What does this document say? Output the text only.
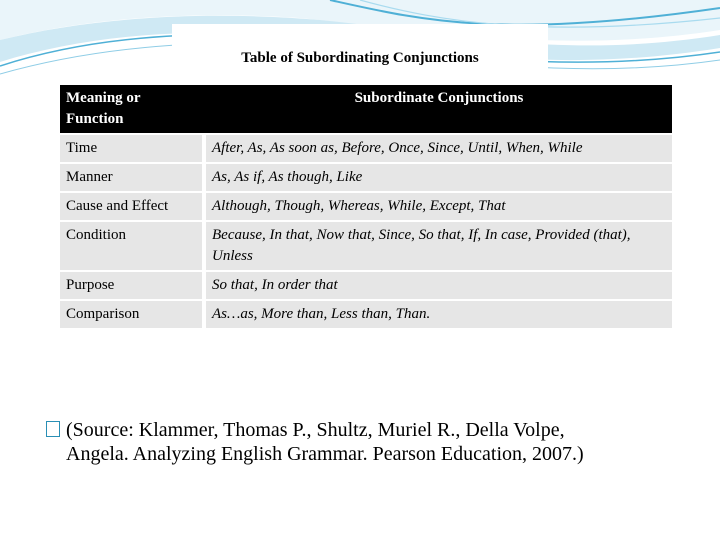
Table of Subordinating Conjunctions
Meaning or Function	Subordinate Conjunctions
Time	After, As, As soon as, Before, Once, Since, Until, When, While
Manner	As, As if, As though, Like
Cause and Effect	Although, Though, Whereas, While, Except, That
Condition	Because, In that, Now that, Since, So that, If, In case, Provided (that), Unless
Purpose	So that, In order that
Comparison	As…as, More than, Less than, Than.
(Source: Klammer, Thomas P., Shultz, Muriel R., Della Volpe,
Angela. Analyzing English Grammar. Pearson Education, 2007.)
